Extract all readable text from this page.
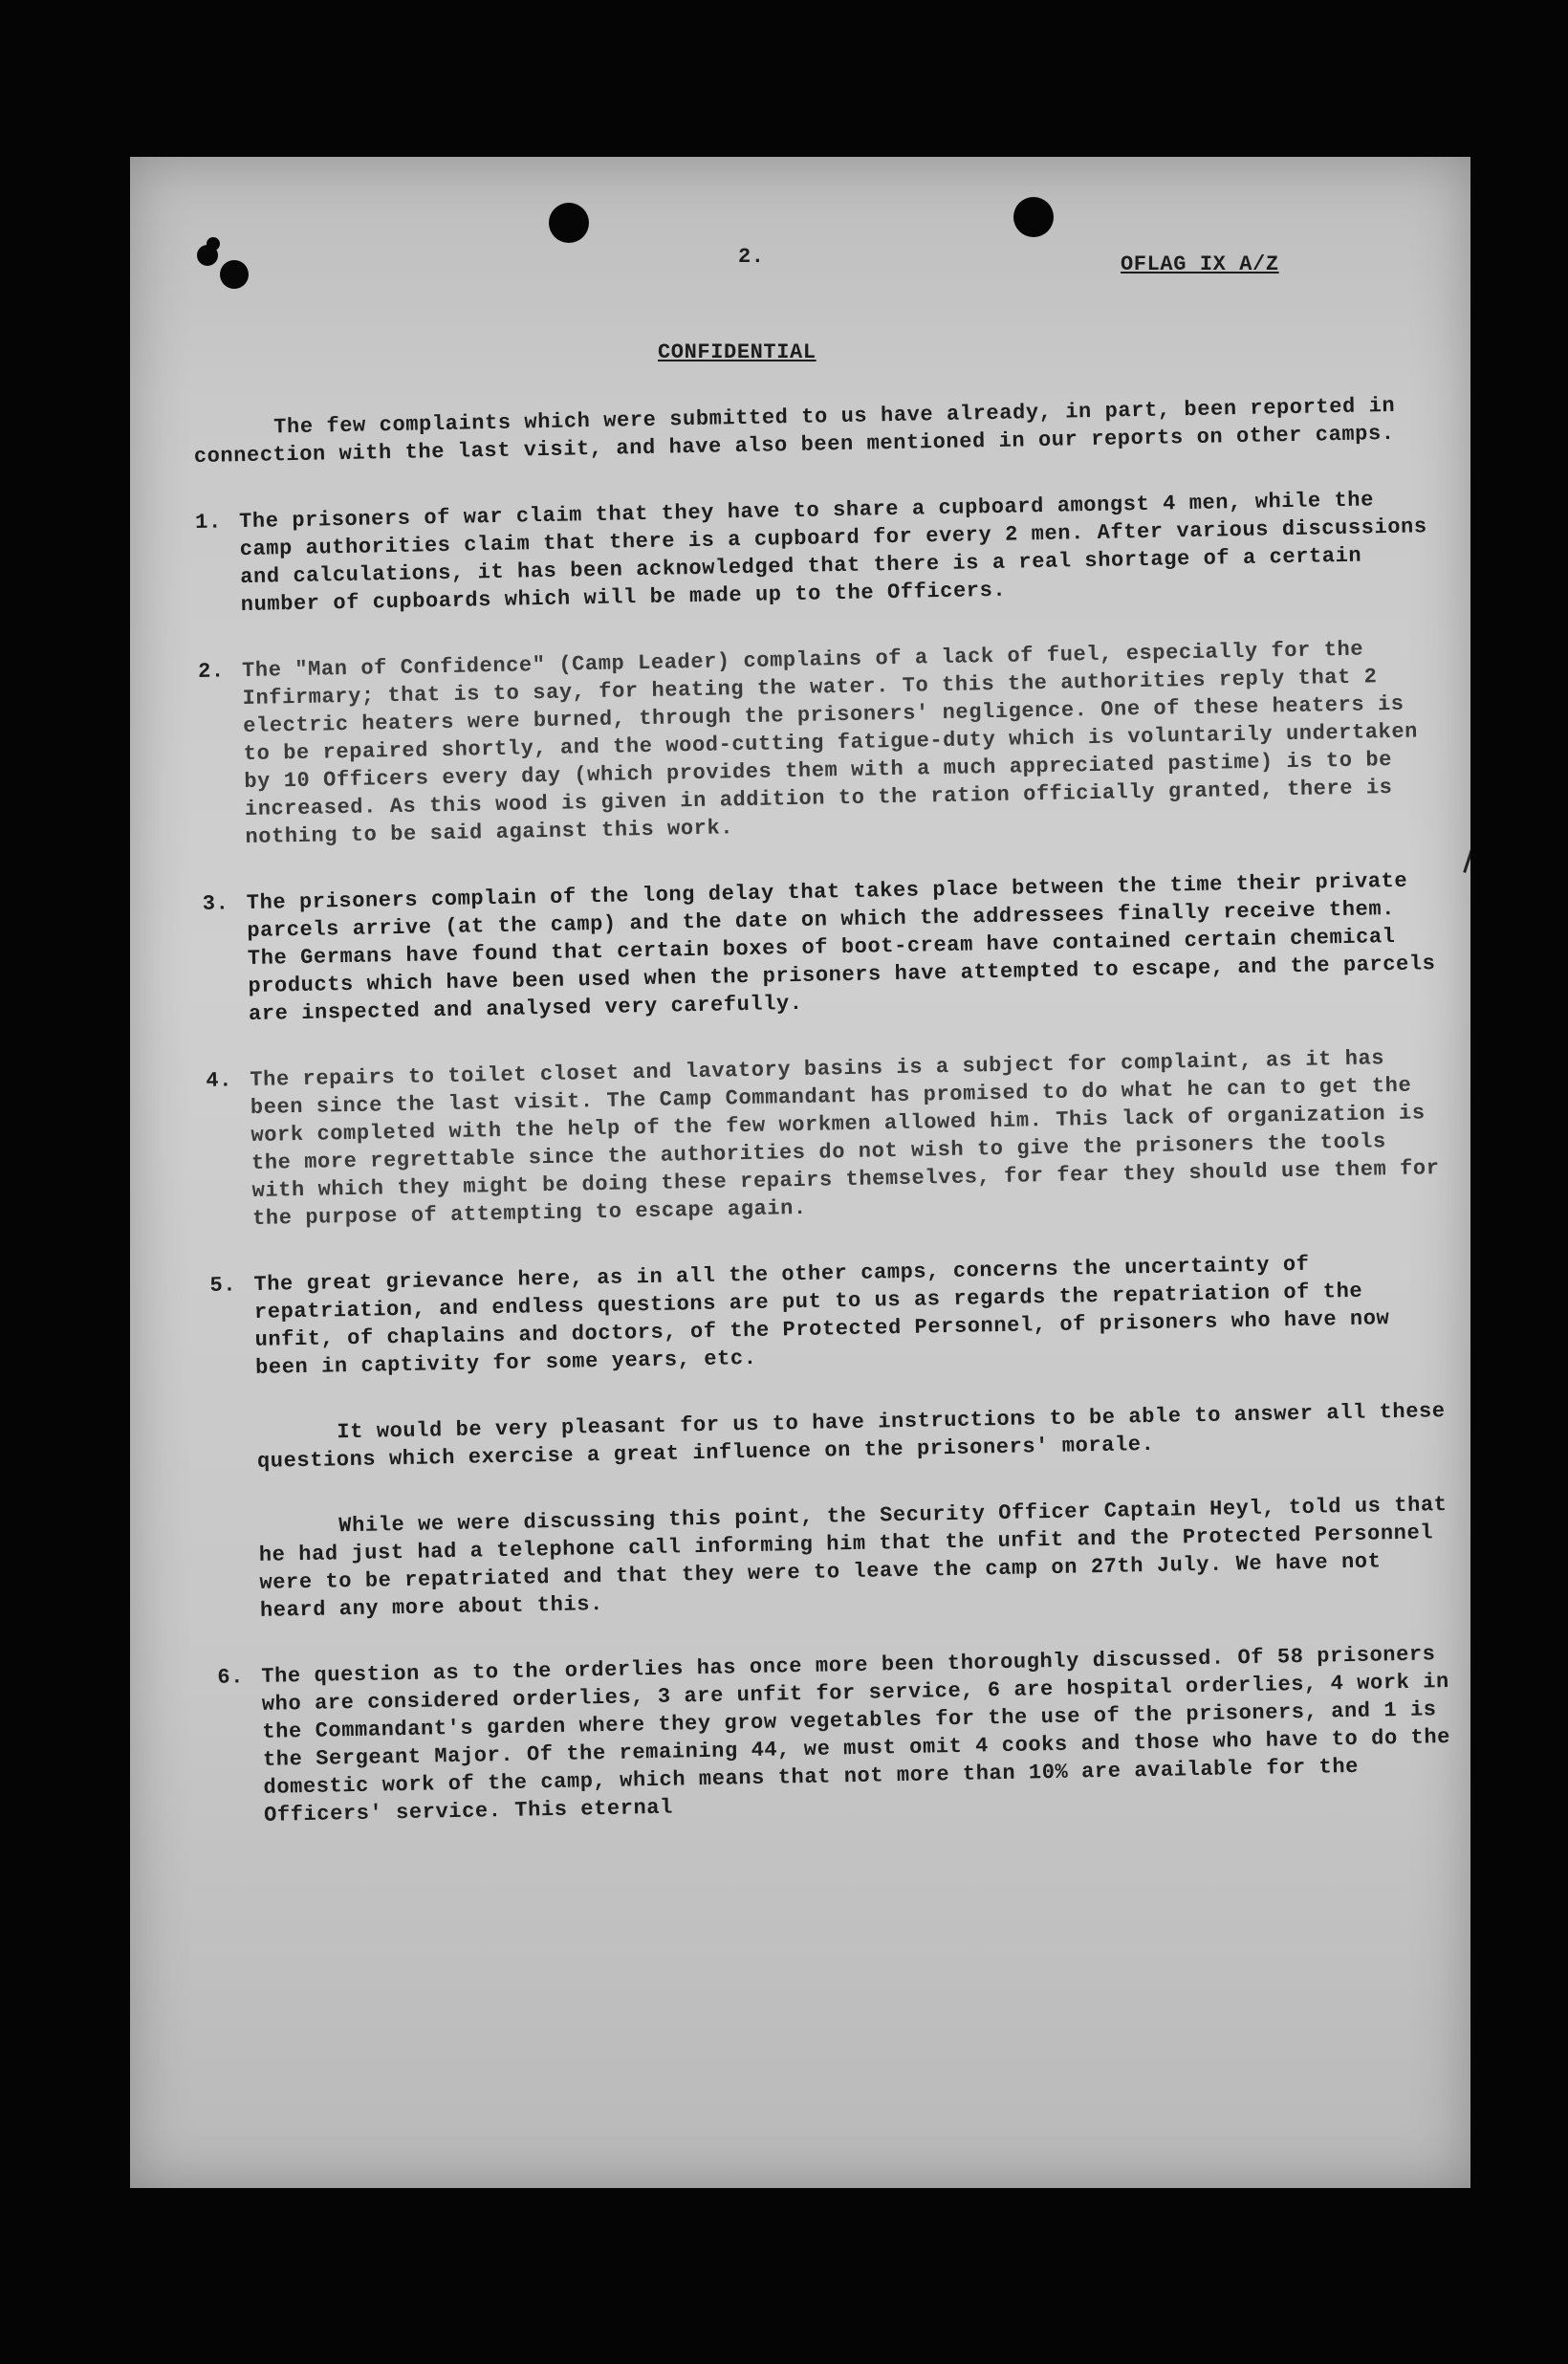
2.	OFLAG IX A/Z
CONFIDENTIAL

The few complaints which were submitted to us have already, in part, been reported in connection with the last visit, and have also been mentioned in our reports on other camps.

1. The prisoners of war claim that they have to share a cupboard amongst 4 men, while the camp authorities claim that there is a cupboard for every 2 men. After various discussions and calculations, it has been acknowledged that there is a real shortage of a certain number of cupboards which will be made up to the Officers.
2. The "Man of Confidence" (Camp Leader) complains of a lack of fuel, especially for the Infirmary; that is to say, for heating the water. To this the authorities reply that 2 electric heaters were burned, through the prisoners' negligence. One of these heaters is to be repaired shortly, and the wood-cutting fatigue-duty which is voluntarily undertaken by 10 Officers every day (which provides them with a much appreciated pastime) is to be increased. As this wood is given in addition to the ration officially granted, there is nothing to be said against this work.
3. The prisoners complain of the long delay that takes place between the time their private parcels arrive (at the camp) and the date on which the addressees finally receive them. The Germans have found that certain boxes of boot-cream have contained certain chemical products which have been used when the prisoners have attempted to escape, and the parcels are inspected and analysed very carefully.
4. The repairs to toilet closet and lavatory basins is a subject for complaint, as it has been since the last visit. The Camp Commandant has promised to do what he can to get the work completed with the help of the few workmen allowed him. This lack of organization is the more regrettable since the authorities do not wish to give the prisoners the tools with which they might be doing these repairs themselves, for fear they should use them for the purpose of attempting to escape again.
5. The great grievance here, as in all the other camps, concerns the uncertainty of repatriation, and endless questions are put to us as regards the repatriation of the unfit, of chaplains and doctors, of the Protected Personnel, of prisoners who have now been in captivity for some years, etc.

It would be very pleasant for us to have instructions to be able to answer all these questions which exercise a great influence on the prisoners' morale.

While we were discussing this point, the Security Officer Captain Heyl, told us that he had just had a telephone call informing him that the unfit and the Protected Personnel were to be repatriated and that they were to leave the camp on 27th July. We have not heard any more about this.

6. The question as to the orderlies has once more been thoroughly discussed. Of 58 prisoners who are considered orderlies, 3 are unfit for service, 6 are hospital orderlies, 4 work in the Commandant's garden where they grow vegetables for the use of the prisoners, and 1 is the Sergeant Major. Of the remaining 44, we must omit 4 cooks and those who have to do the domestic work of the camp, which means that not more than 10% are available for the Officers' service. This eternal
